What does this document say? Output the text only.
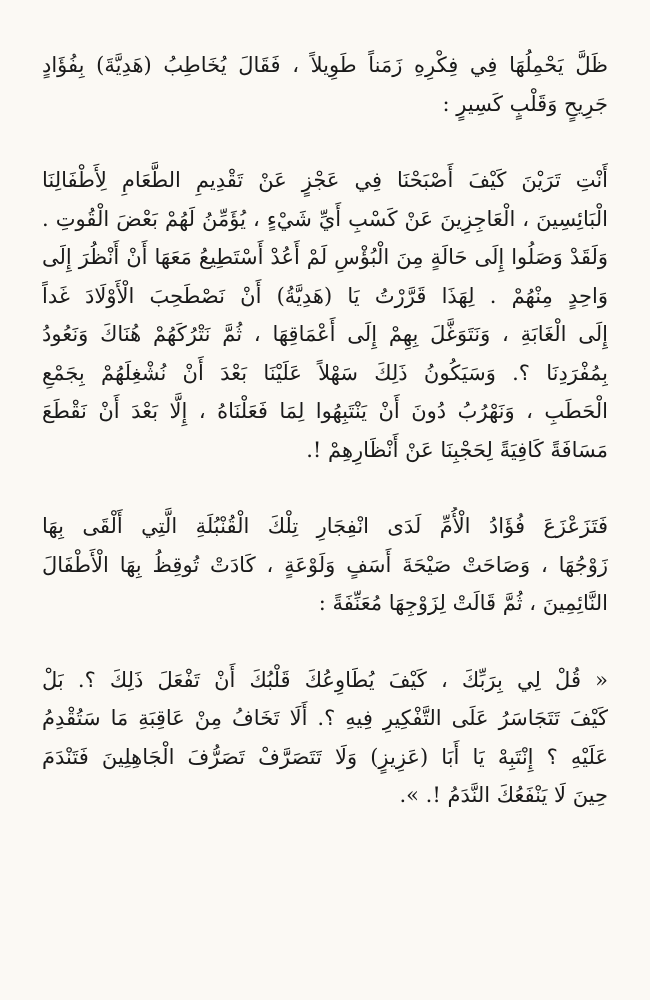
ظَلَّ يَحْمِلُهَا فِي فِكْرِهِ زَمَناً طَوِيلاً ، فَقَالَ يُخَاطِبُ (هَدِيَّةَ) بِفُؤَادٍ
جَرِيحٍ وَقَلْبٍ كَسِيرٍ :
أَنْتِ تَرَيْنَ كَيْفَ أَصْبَحْنَا فِي عَجْزٍ عَنْ تَقْدِيمِ الطَّعَامِ لِأَطْفَالِنَا
الْبَائِسِينَ ، الْعَاجِزِينَ عَنْ كَسْبِ أَيِّ شَيْءٍ ، يُؤَمِّنُ لَهُمْ بَعْضَ الْقُوتِ .
وَلَقَدْ وَصَلُوا إِلَى حَالَةٍ مِنَ الْبُؤْسِ لَمْ أَعُدْ أَسْتَطِيعُ مَعَهَا أَنْ أَنْظُرَ إِلَى
وَاحِدٍ مِنْهُمْ . لِهَذَا قَرَّرْتُ يَا (هَدِيَّةُ) أَنْ نَصْطَحِبَ الْأَوْلَادَ غَداً
إِلَى الْغَابَةِ ، وَنَتَوَغَّلَ بِهِمْ إِلَى أَعْمَاقِهَا ، ثُمَّ نَتْرُكَهُمْ هُنَاكَ وَنَعُودُ
بِمُفْرَدِنَا ؟. وَسَيَكُونُ ذَلِكَ سَهْلاً عَلَيْنَا بَعْدَ أَنْ نُشْغِلَهُمْ بِجَمْعِ
الْحَطَبِ ، وَنَهْرُبُ دُونَ أَنْ يَنْتَبِهُوا لِمَا فَعَلْنَاهُ ، إِلَّا بَعْدَ أَنْ نَقْطَعَ
مَسَافَةً كَافِيَةً لِحَجْبِنَا عَنْ أَنْظَارِهِمْ !.
فَتَزَعْزَعَ فُؤَادُ الْأُمِّ لَدَى انْفِجَارِ تِلْكَ الْقُنْبُلَةِ الَّتِي أَلْقَى بِهَا
زَوْجُهَا ، وَصَاحَتْ صَيْحَةَ أَسَفٍ وَلَوْعَةٍ ، كَادَتْ تُوقِظُ بِهَا الْأَطْفَالَ
النَّائِمِينَ ، ثُمَّ قَالَتْ لِزَوْجِهَا مُعَنِّفَةً :
« قُلْ لِي بِرَبِّكَ ، كَيْفَ يُطَاوِعُكَ قَلْبُكَ أَنْ تَفْعَلَ ذَلِكَ ؟. بَلْ
كَيْفَ تَتَجَاسَرُ عَلَى التَّفْكِيرِ فِيهِ ؟. أَلَا تَخَافُ مِنْ عَاقِبَةِ مَا سَتُقْدِمُ
عَلَيْهِ ؟ إِنْتَبِهْ يَا أَبَا (عَزِيزٍ) وَلَا تَتَصَرَّفْ تَصَرُّفَ الْجَاهِلِينَ فَتَنْدَمَ
حِينَ لَا يَنْفَعُكَ النَّدَمُ !. ».
